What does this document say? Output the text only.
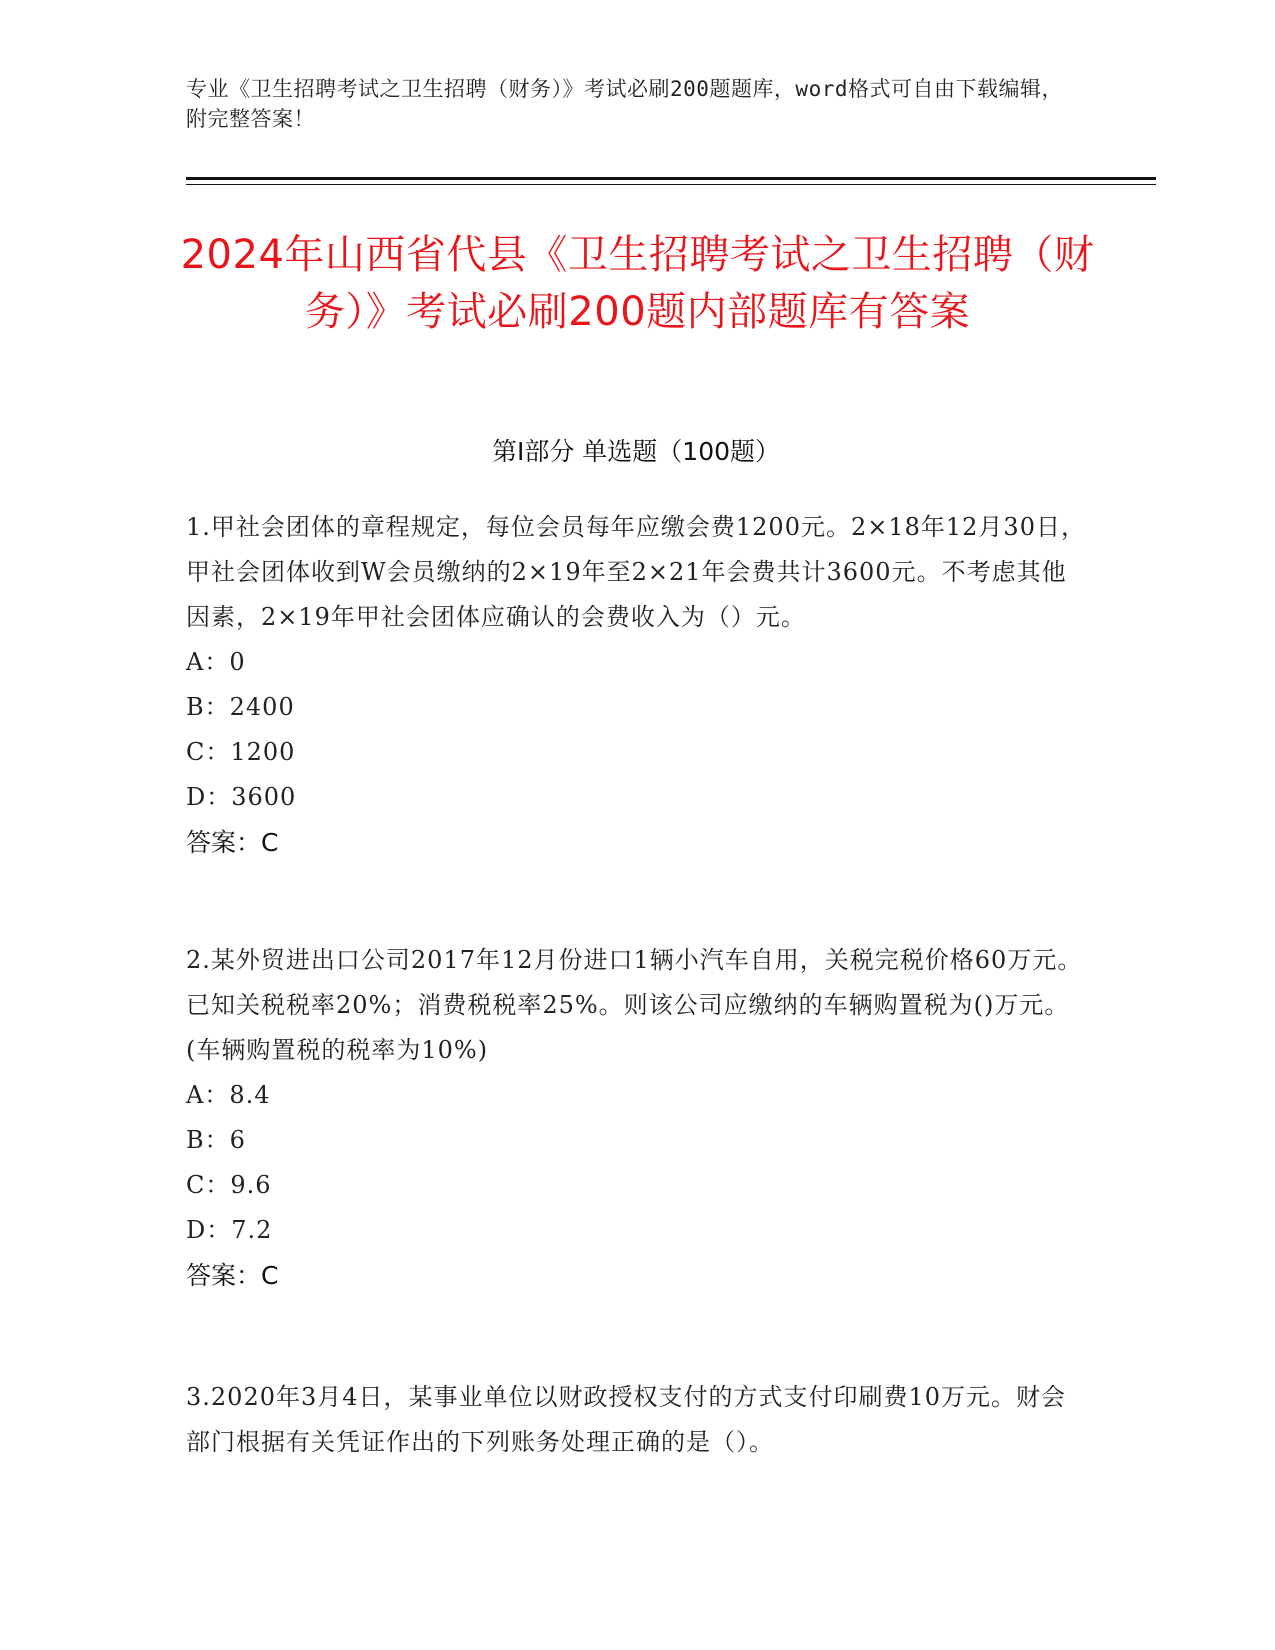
专业《卫生招聘考试之卫生招聘（财务）》考试必刷200题题库，word格式可自由下载编辑，附完整答案！
2024年山西省代县《卫生招聘考试之卫生招聘（财务）》考试必刷200题内部题库有答案
第I部分 单选题（100题）
1.甲社会团体的章程规定，每位会员每年应缴会费1200元。2×18年12月30日，甲社会团体收到W会员缴纳的2×19年至2×21年会费共计3600元。不考虑其他因素，2×19年甲社会团体应确认的会费收入为（）元。
A：0
B：2400
C：1200
D：3600
答案：C
2.某外贸进出口公司2017年12月份进口1辆小汽车自用，关税完税价格60万元。已知关税税率20%；消费税税率25%。则该公司应缴纳的车辆购置税为()万元。(车辆购置税的税率为10%)
A：8.4
B：6
C：9.6
D：7.2
答案：C
3.2020年3月4日，某事业单位以财政授权支付的方式支付印刷费10万元。财会部门根据有关凭证作出的下列账务处理正确的是（）。
